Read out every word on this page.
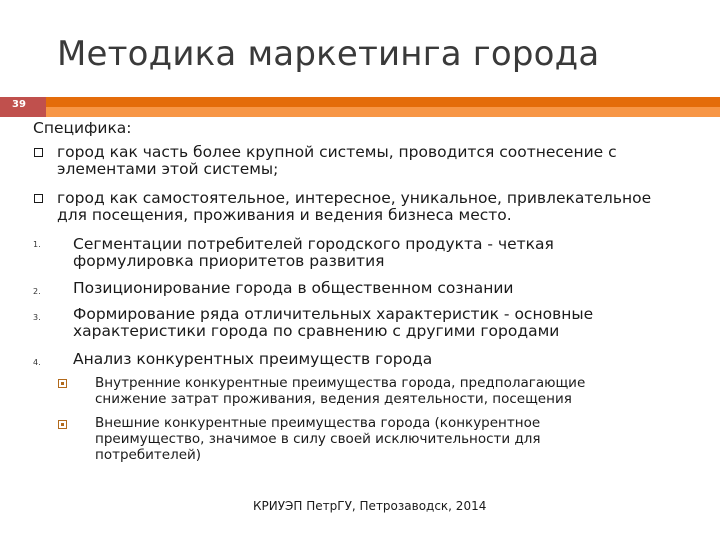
Методика маркетинга города
39
Специфика:
город как часть более крупной системы, проводится соотнесение с
элементами этой системы;
город как самостоятельное, интересное, уникальное, привлекательное
для посещения, проживания и ведения бизнеса место.
1. Сегментации потребителей городского продукта - четкая
формулировка приоритетов развития
2. Позиционирование города в общественном сознании
3. Формирование ряда отличительных характеристик - основные
характеристики города по сравнению с другими городами
4. Анализ конкурентных преимуществ города
Внутренние конкурентные преимущества города, предполагающие
снижение затрат проживания, ведения деятельности, посещения
Внешние конкурентные преимущества города (конкурентное
преимущество, значимое в силу своей исключительности для
потребителей)
КРИУЭП ПетрГУ, Петрозаводск, 2014
